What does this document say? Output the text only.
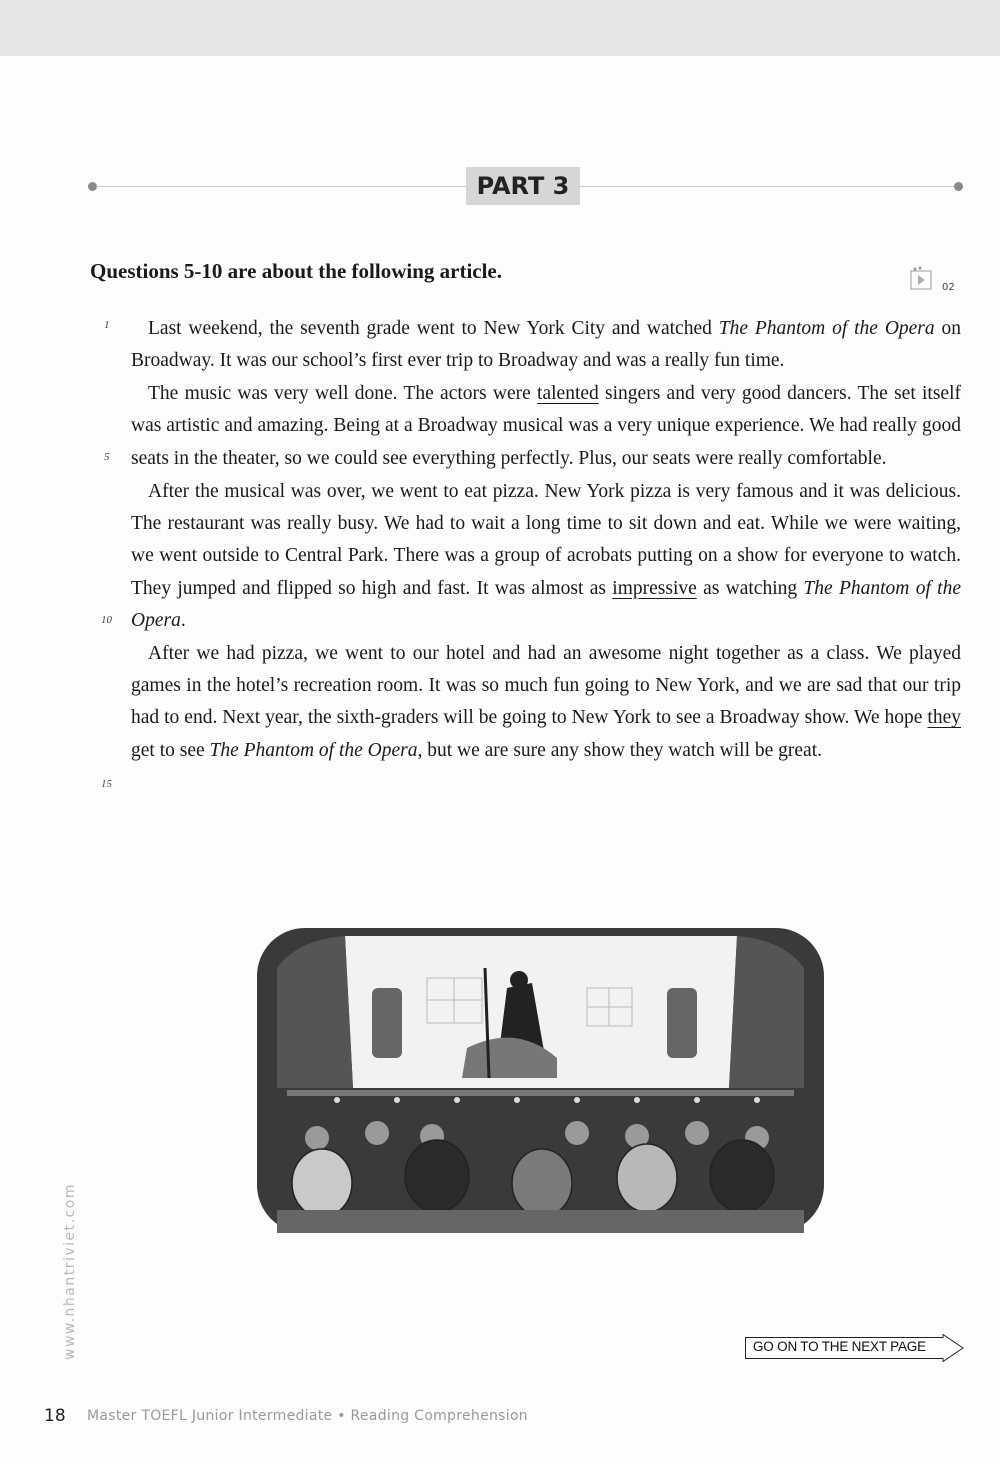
PART 3
Questions 5-10 are about the following article.
02
1
5
10
15

Last weekend, the seventh grade went to New York City and watched The Phantom of the Opera on Broadway. It was our school’s first ever trip to Broadway and was a really fun time.

The music was very well done. The actors were talented singers and very good dancers. The set itself was artistic and amazing. Being at a Broadway musical was a very unique experience. We had really good seats in the theater, so we could see everything perfectly. Plus, our seats were really comfortable.

After the musical was over, we went to eat pizza. New York pizza is very famous and it was delicious. The restaurant was really busy. We had to wait a long time to sit down and eat. While we were waiting, we went outside to Central Park. There was a group of acrobats putting on a show for everyone to watch. They jumped and flipped so high and fast. It was almost as impressive as watching The Phantom of the Opera.

After we had pizza, we went to our hotel and had an awesome night together as a class. We played games in the hotel’s recreation room. It was so much fun going to New York, and we are sad that our trip had to end. Next year, the sixth-graders will be going to New York to see a Broadway show. We hope they get to see The Phantom of the Opera, but we are sure any show they watch will be great.

GO ON TO THE NEXT PAGE
18 Master TOEFL Junior Intermediate • Reading Comprehension
www.nhantriviet.com
